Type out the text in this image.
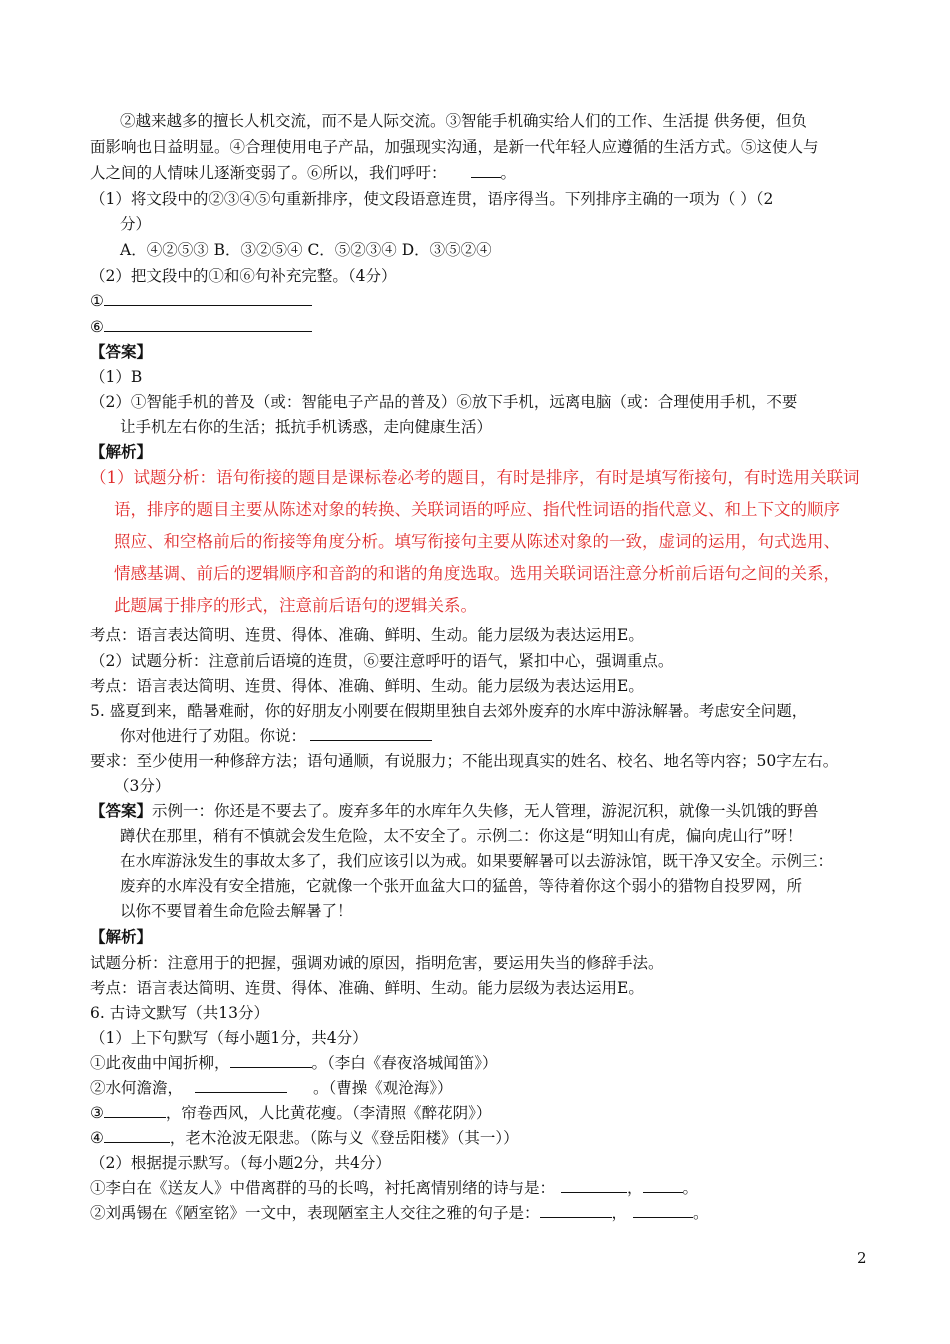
②越来越多的擅长人机交流，而不是人际交流。③智能手机确实给人们的工作、生活提 供务便，但负
面影响也日益明显。④合理使用电子产品，加强现实沟通，是新一代年轻人应遵循的生活方式。⑤这使人与
人之间的人情味儿逐渐变弱了。⑥所以，我们呼吁：	。
（1）将文段中的②③④⑤句重新排序，使文段语意连贯，语序得当。下列排序主确的一项为（ ）（2
分）
A．④②⑤③ B．③②⑤④ C．⑤②③④ D．③⑤②④
（2）把文段中的①和⑥句补充完整。（4分）
①
⑥
【答案】
（1）B
（2）①智能手机的普及（或：智能电子产品的普及）⑥放下手机，远离电脑（或：合理使用手机，不要
让手机左右你的生活；抵抗手机诱惑，走向健康生活）
【解析】
（1）试题分析：语句衔接的题目是课标卷必考的题目，有时是排序，有时是填写衔接句，有时选用关联词
语，排序的题目主要从陈述对象的转换、关联词语的呼应、指代性词语的指代意义、和上下文的顺序
照应、和空格前后的衔接等角度分析。填写衔接句主要从陈述对象的一致，虚词的运用，句式选用、
情感基调、前后的逻辑顺序和音韵的和谐的角度选取。选用关联词语注意分析前后语句之间的关系，
此题属于排序的形式，注意前后语句的逻辑关系。
考点：语言表达简明、连贯、得体、准确、鲜明、生动。能力层级为表达运用E。
（2）试题分析：注意前后语境的连贯，⑥要注意呼吁的语气，紧扣中心，强调重点。
考点：语言表达简明、连贯、得体、准确、鲜明、生动。能力层级为表达运用E。
5. 盛夏到来，酷暑难耐，你的好朋友小刚要在假期里独自去郊外废弃的水库中游泳解暑。考虑安全问题，
你对他进行了劝阻。你说：
要求：至少使用一种修辞方法；语句通顺，有说服力；不能出现真实的姓名、校名、地名等内容；50字左右。
（3分）
【答案】示例一：你还是不要去了。废弃多年的水库年久失修，无人管理，游泥沉积，就像一头饥饿的野兽
蹲伏在那里，稍有不慎就会发生危险，太不安全了。示例二：你这是“明知山有虎，偏向虎山行”呀！
在水库游泳发生的事故太多了，我们应该引以为戒。如果要解暑可以去游泳馆，既干净又安全。示例三：
废弃的水库没有安全措施，它就像一个张开血盆大口的猛兽，等待着你这个弱小的猎物自投罗网，所
以你不要冒着生命危险去解暑了！
【解析】
试题分析：注意用于的把握，强调劝诫的原因，指明危害，要运用失当的修辞手法。
考点：语言表达简明、连贯、得体、准确、鲜明、生动。能力层级为表达运用E。
6. 古诗文默写（共13分）
（1）上下句默写（每小题1分，共4分）
①此夜曲中闻折柳，	。（李白《春夜洛城闻笛》）
②水何澹澹，	。（曹操《观沧海》）
③	，帘卷西风，人比黄花瘦。（李清照《醉花阴》）
④	，老木沧波无限悲。（陈与义《登岳阳楼》（其一））
（2）根据提示默写。（每小题2分，共4分）
①李白在《送友人》中借离群的马的长鸣，衬托离情别绪的诗与是：	，	。
②刘禹锡在《陋室铭》一文中，表现陋室主人交往之雅的句子是：	，	。
2
